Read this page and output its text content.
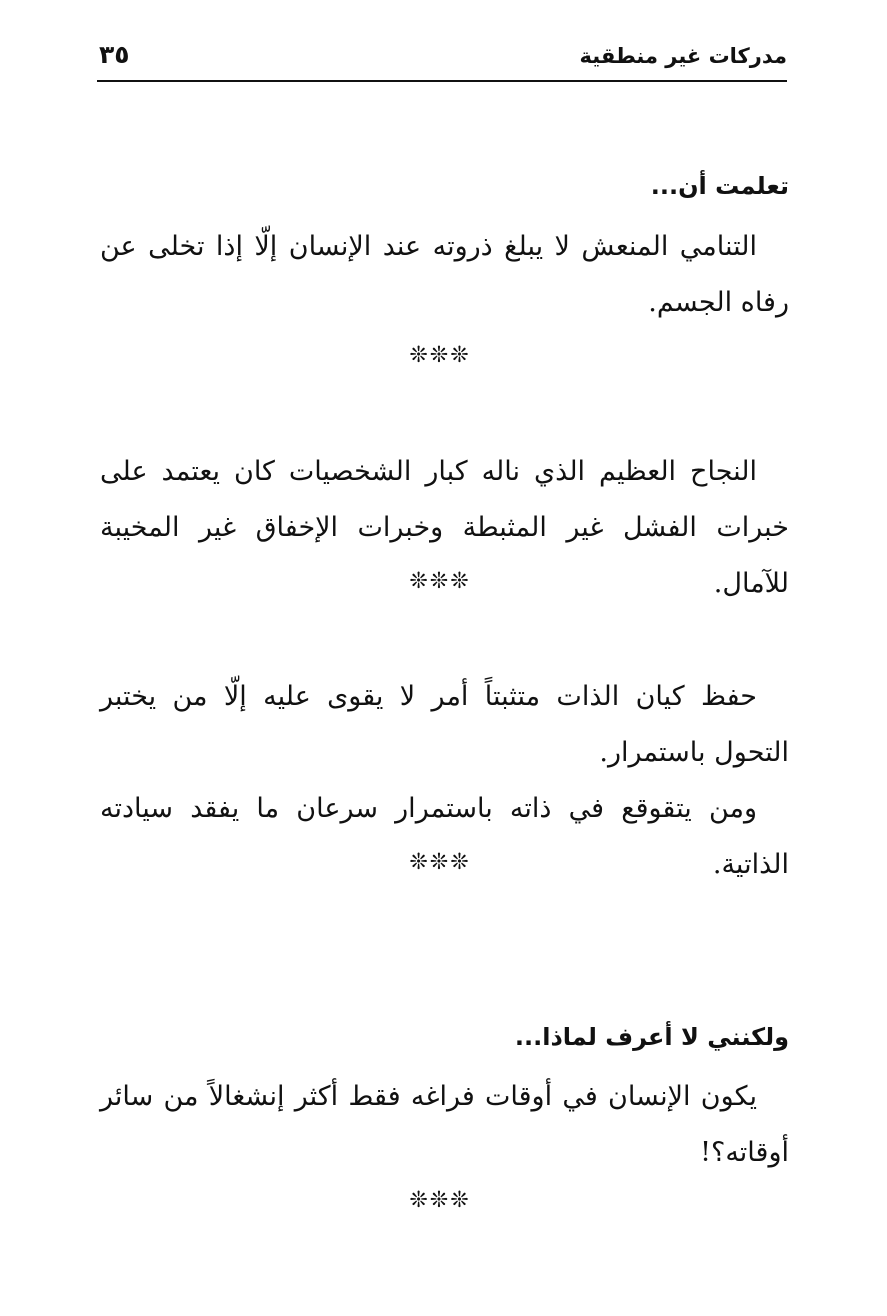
مدركات غير منطقية
٣٥
تعلمت أن...
التنامي المنعش لا يبلغ ذروته عند الإنسان إلّا إذا تخلى عن رفاه الجسم.
❊❊❊
النجاح العظيم الذي ناله كبار الشخصيات كان يعتمد على خبرات الفشل غير المثبطة وخبرات الإخفاق غير المخيبة للآمال.
❊❊❊
حفظ كيان الذات متثبتاً أمر لا يقوى عليه إلّا من يختبر التحول باستمرار.
ومن يتقوقع في ذاته باستمرار سرعان ما يفقد سيادته الذاتية.
❊❊❊
ولكنني لا أعرف لماذا...
يكون الإنسان في أوقات فراغه فقط أكثر إنشغالاً من سائر أوقاته؟!
❊❊❊
